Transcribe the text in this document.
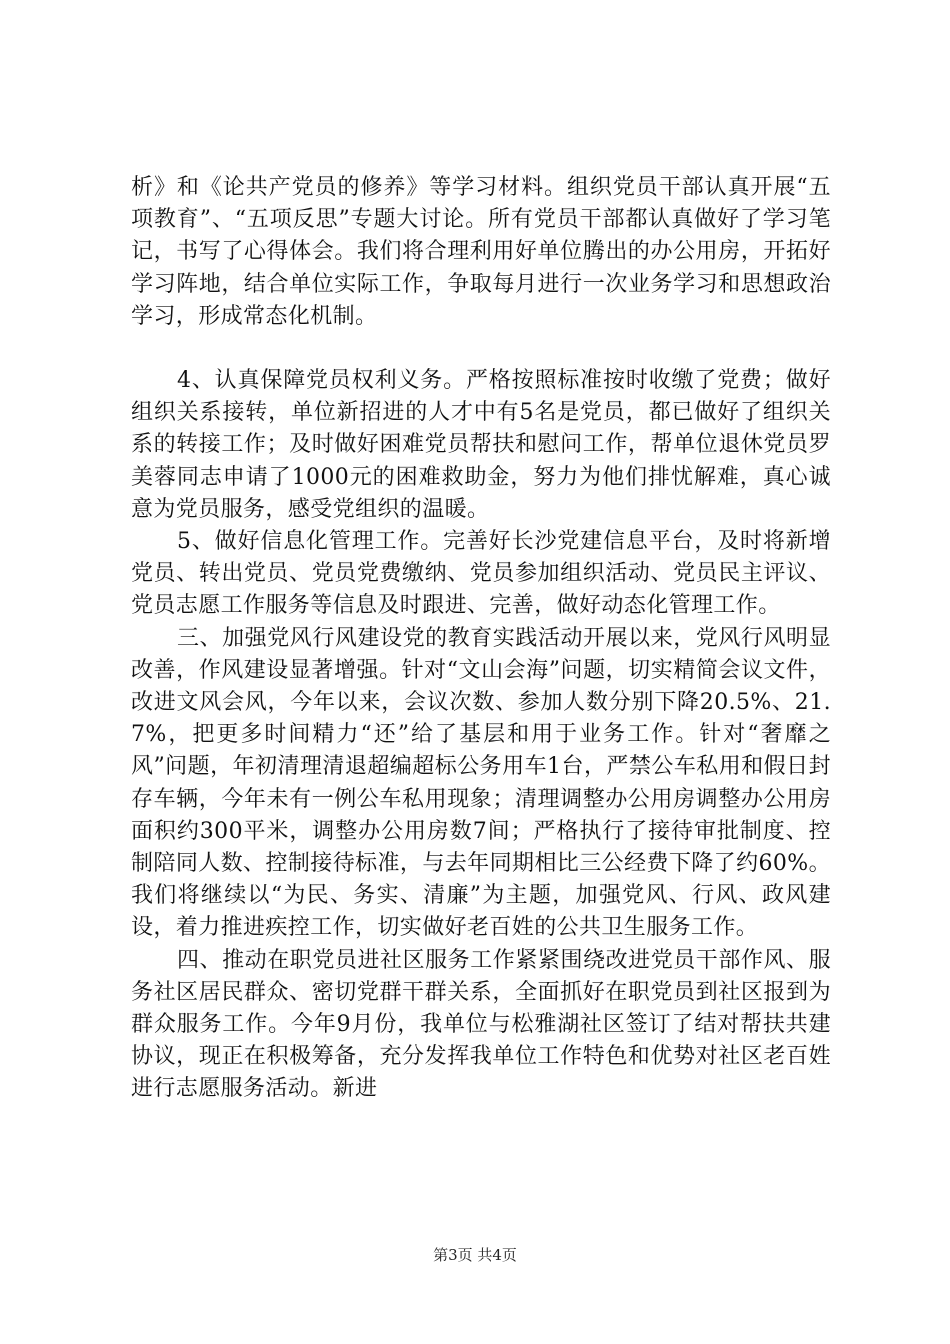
析》和《论共产党员的修养》等学习材料。组织党员干部认真开展“五项教育”、“五项反思”专题大讨论。所有党员干部都认真做好了学习笔记，书写了心得体会。我们将合理利用好单位腾出的办公用房，开拓好学习阵地，结合单位实际工作，争取每月进行一次业务学习和思想政治学习，形成常态化机制。

4、认真保障党员权利义务。严格按照标准按时收缴了党费；做好组织关系接转，单位新招进的人才中有5名是党员，都已做好了组织关系的转接工作；及时做好困难党员帮扶和慰问工作，帮单位退休党员罗美蓉同志申请了1000元的困难救助金，努力为他们排忧解难，真心诚意为党员服务，感受党组织的温暖。

5、做好信息化管理工作。完善好长沙党建信息平台，及时将新增党员、转出党员、党员党费缴纳、党员参加组织活动、党员民主评议、党员志愿工作服务等信息及时跟进、完善，做好动态化管理工作。

三、加强党风行风建设党的教育实践活动开展以来，党风行风明显改善，作风建设显著增强。针对“文山会海”问题，切实精简会议文件，改进文风会风，今年以来，会议次数、参加人数分别下降20.5%、21.7%，把更多时间精力“还”给了基层和用于业务工作。针对“奢靡之风”问题，年初清理清退超编超标公务用车1台，严禁公车私用和假日封存车辆，今年未有一例公车私用现象；清理调整办公用房调整办公用房面积约300平米，调整办公用房数7间；严格执行了接待审批制度、控制陪同人数、控制接待标准，与去年同期相比三公经费下降了约60%。我们将继续以“为民、务实、清廉”为主题，加强党风、行风、政风建设，着力推进疾控工作，切实做好老百姓的公共卫生服务工作。

四、推动在职党员进社区服务工作紧紧围绕改进党员干部作风、服务社区居民群众、密切党群干群关系，全面抓好在职党员到社区报到为群众服务工作。今年9月份，我单位与松雅湖社区签订了结对帮扶共建协议，现正在积极筹备，充分发挥我单位工作特色和优势对社区老百姓进行志愿服务活动。新进

第3页 共4页
